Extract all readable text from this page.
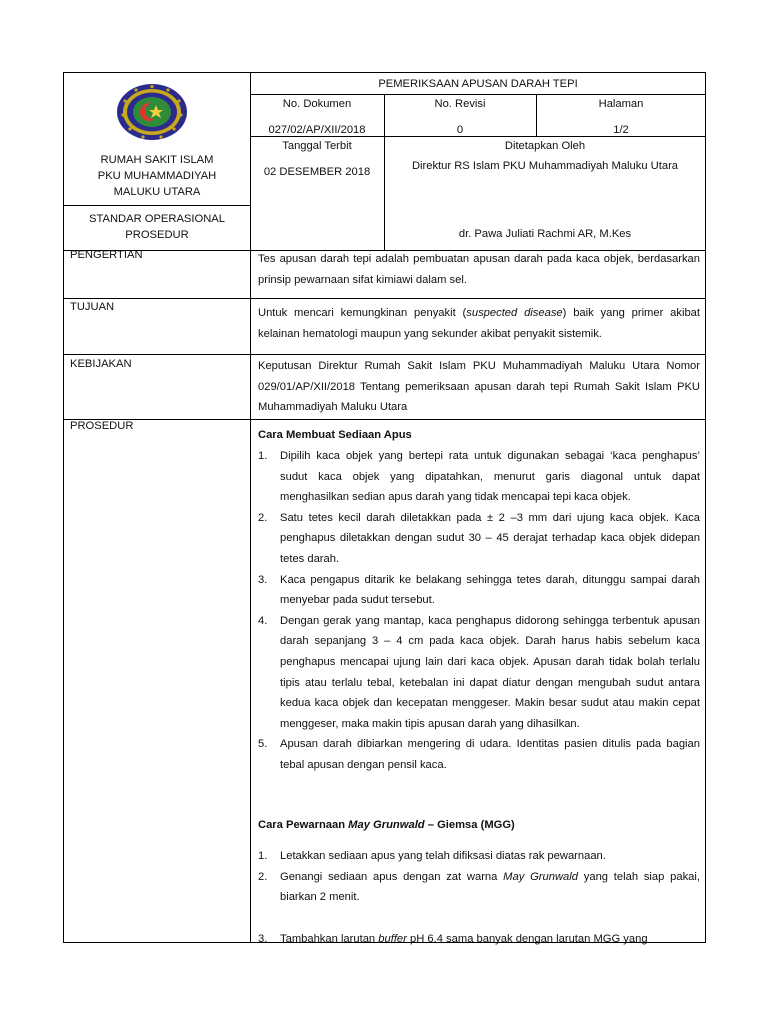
RUMAH SAKIT ISLAM
PKU MUHAMMADIYAH
MALUKU UTARA
STANDAR OPERASIONAL
PROSEDUR
PEMERIKSAAN APUSAN DARAH TEPI
No. Dokumen
027/02/AP/XII/2018
No. Revisi
0
Halaman
1/2
Tanggal Terbit
02 DESEMBER 2018
Ditetapkan Oleh
Direktur RS Islam PKU Muhammadiyah Maluku Utara
dr. Pawa Juliati Rachmi AR, M.Kes
PENGERTIAN
TUJUAN
KEBIJAKAN
PROSEDUR
Tes apusan darah tepi adalah pembuatan apusan darah pada kaca objek, berdasarkan prinsip pewarnaan sifat kimiawi dalam sel.
Untuk mencari kemungkinan penyakit (suspected disease) baik yang primer akibat kelainan hematologi maupun yang sekunder akibat penyakit sistemik.
Keputusan Direktur Rumah Sakit Islam PKU Muhammadiyah Maluku Utara Nomor 029/01/AP/XII/2018 Tentang pemeriksaan apusan darah tepi Rumah Sakit Islam PKU Muhammadiyah Maluku Utara
Cara Membuat Sediaan Apus
1. Dipilih kaca objek yang bertepi rata untuk digunakan sebagai ‘kaca penghapus’ sudut kaca objek yang dipatahkan, menurut garis diagonal untuk dapat menghasilkan sedian apus darah yang tidak mencapai tepi kaca objek.
2. Satu tetes kecil darah diletakkan pada ± 2 –3 mm dari ujung kaca objek. Kaca penghapus diletakkan dengan sudut 30 – 45 derajat terhadap kaca objek didepan tetes darah.
3. Kaca pengapus ditarik ke belakang sehingga tetes darah, ditunggu sampai darah menyebar pada sudut tersebut.
4. Dengan gerak yang mantap, kaca penghapus didorong sehingga terbentuk apusan darah sepanjang 3 – 4 cm pada kaca objek. Darah harus habis sebelum kaca penghapus mencapai ujung lain dari kaca objek. Apusan darah tidak bolah terlalu tipis atau terlalu tebal, ketebalan ini dapat diatur dengan mengubah sudut antara kedua kaca objek dan kecepatan menggeser. Makin besar sudut atau makin cepat menggeser, maka makin tipis apusan darah yang dihasilkan.
5. Apusan darah dibiarkan mengering di udara. Identitas pasien ditulis pada bagian tebal apusan dengan pensil kaca.
Cara Pewarnaan May Grunwald – Giemsa (MGG)
1. Letakkan sediaan apus yang telah difiksasi diatas rak pewarnaan.
2. Genangi sediaan apus dengan zat warna May Grunwald yang telah siap pakai, biarkan 2 menit.
3. Tambahkan larutan buffer pH 6.4 sama banyak dengan larutan MGG yang
